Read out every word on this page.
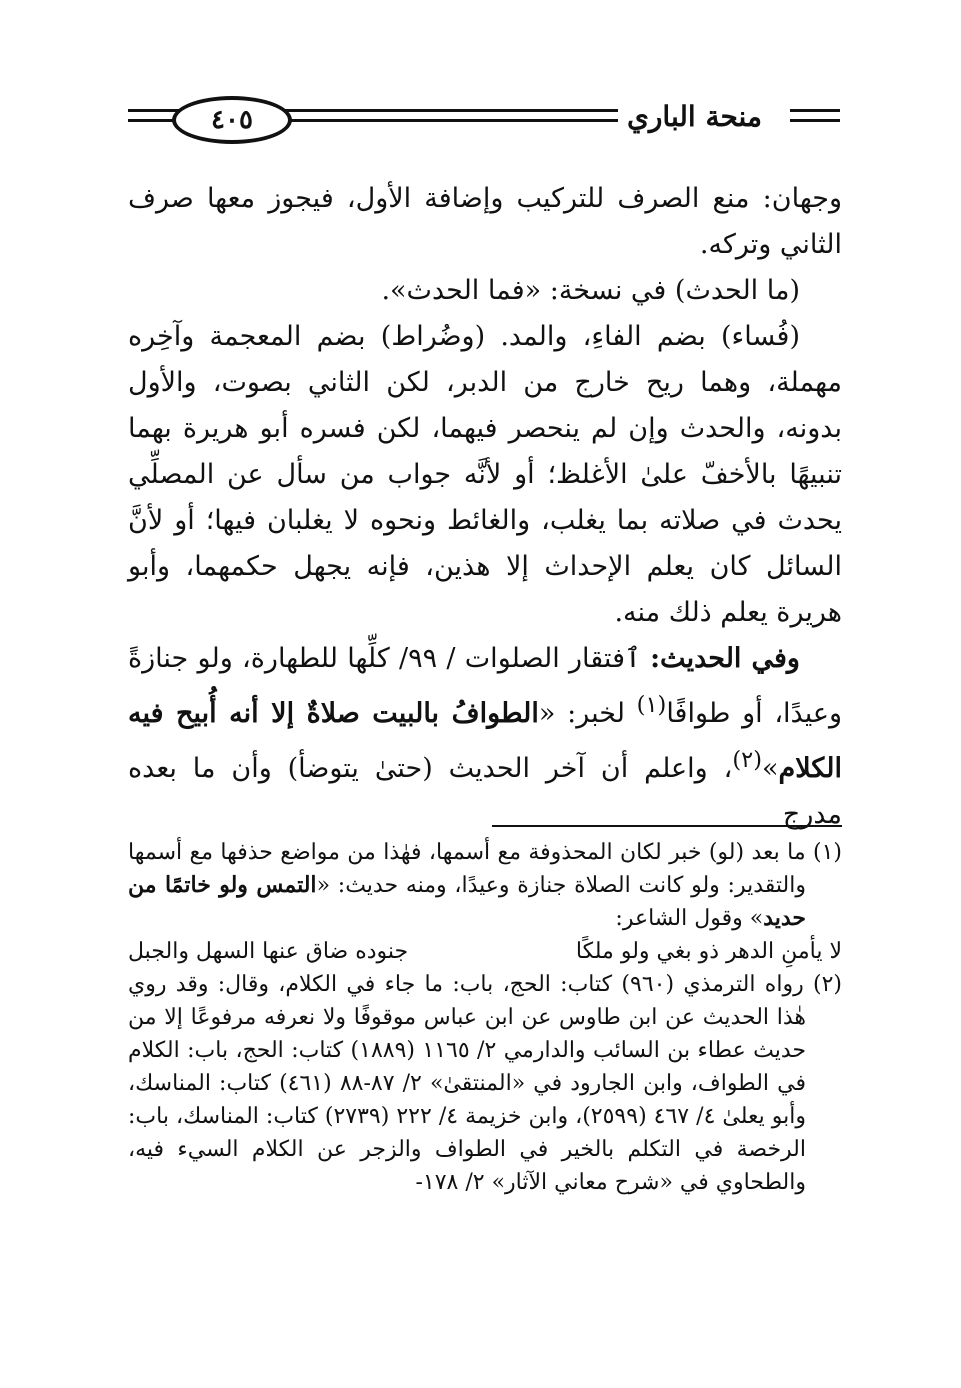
٤٠٥	منحة الباري

وجهان: منع الصرف للتركيب وإضافة الأول، فيجوز معها صرف الثاني وتركه.

(ما الحدث) في نسخة: «فما الحدث».

(فُساء) بضم الفاءِ، والمد. (وضُراط) بضم المعجمة وآخِره مهملة، وهما ريح خارج من الدبر، لكن الثاني بصوت، والأول بدونه، والحدث وإن لم ينحصر فيهما، لكن فسره أبو هريرة بهما تنبيهًا بالأخفّ علىٰ الأغلظ؛ أو لأنَّه جواب من سأل عن المصلِّي يحدث في صلاته بما يغلب، والغائط ونحوه لا يغلبان فيها؛ أو لأنَّ السائل كان يعلم الإحداث إلا هذين، فإنه يجهل حكمهما، وأبو هريرة يعلم ذلك منه.

وفي الحديث: ٱفتقار الصلوات / ٩٩/ كلِّها للطهارة، ولو جنازةً وعيدًا، أو طوافًا$^{(١)}$ لخبر: «الطوافُ بالبيت صلاةٌ إلا أنه أُبيح فيه الكلام»$^{(٢)}$، واعلم أن آخر الحديث (حتىٰ يتوضأ) وأن ما بعده مدرج

(١) ما بعد (لو) خبر لكان المحذوفة مع أسمها، فهٰذا من مواضع حذفها مع أسمها والتقدير: ولو كانت الصلاة جنازة وعيدًا، ومنه حديث: «التمس ولو خاتمًا من حديد» وقول الشاعر:

لا يأمنِ الدهر ذو بغي ولو ملكًا
جنوده ضاق عنها السهل والجبل

(٢) رواه الترمذي (٩٦٠) كتاب: الحج، باب: ما جاء في الكلام، وقال: وقد روي هٰذا الحديث عن ابن طاوس عن ابن عباس موقوفًا ولا نعرفه مرفوعًا إلا من حديث عطاء بن السائب والدارمي ٢/ ١١٦٥ (١٨٨٩) كتاب: الحج، باب: الكلام في الطواف، وابن الجارود في «المنتقىٰ» ٢/ ٨٧-٨٨ (٤٦١) كتاب: المناسك، وأبو يعلىٰ ٤/ ٤٦٧ (٢٥٩٩)، وابن خزيمة ٤/ ٢٢٢ (٢٧٣٩) كتاب: المناسك، باب: الرخصة في التكلم بالخير في الطواف والزجر عن الكلام السيء فيه، والطحاوي في «شرح معاني الآثار» ٢/ ١٧٨-
